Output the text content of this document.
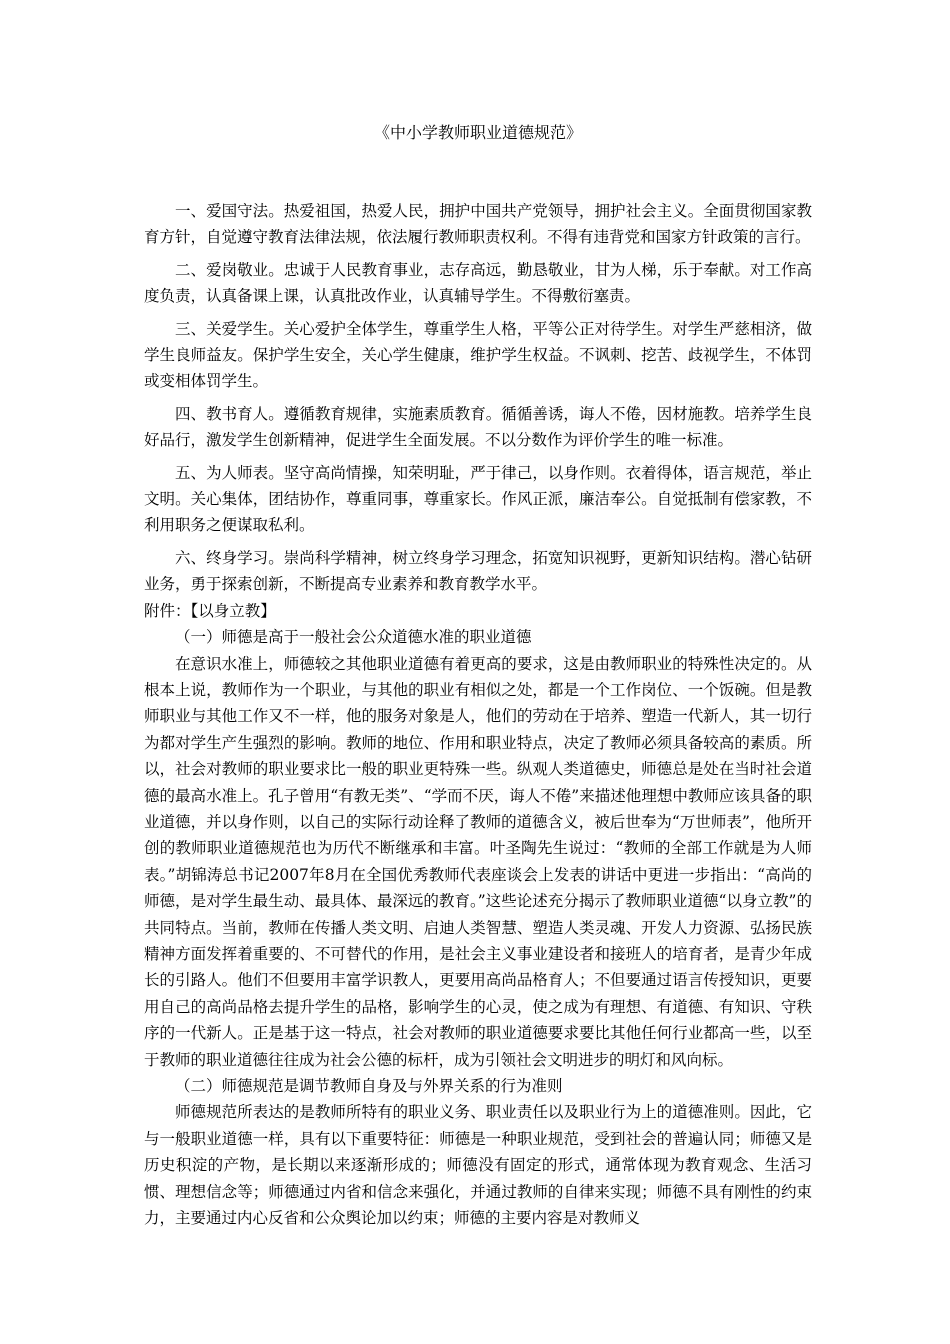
《中小学教师职业道德规范》

一、爱国守法。热爱祖国，热爱人民，拥护中国共产党领导，拥护社会主义。全面贯彻国家教育方针，自觉遵守教育法律法规，依法履行教师职责权利。不得有违背党和国家方针政策的言行。

二、爱岗敬业。忠诚于人民教育事业，志存高远，勤恳敬业，甘为人梯，乐于奉献。对工作高度负责，认真备课上课，认真批改作业，认真辅导学生。不得敷衍塞责。

三、关爱学生。关心爱护全体学生，尊重学生人格，平等公正对待学生。对学生严慈相济，做学生良师益友。保护学生安全，关心学生健康，维护学生权益。不讽刺、挖苦、歧视学生，不体罚或变相体罚学生。

四、教书育人。遵循教育规律，实施素质教育。循循善诱，诲人不倦，因材施教。培养学生良好品行，激发学生创新精神，促进学生全面发展。不以分数作为评价学生的唯一标准。

五、为人师表。坚守高尚情操，知荣明耻，严于律己，以身作则。衣着得体，语言规范，举止文明。关心集体，团结协作，尊重同事，尊重家长。作风正派，廉洁奉公。自觉抵制有偿家教，不利用职务之便谋取私利。

六、终身学习。崇尚科学精神，树立终身学习理念，拓宽知识视野，更新知识结构。潜心钻研业务，勇于探索创新，不断提高专业素养和教育教学水平。

附件：【以身立教】

（一）师德是高于一般社会公众道德水准的职业道德

在意识水准上，师德较之其他职业道德有着更高的要求，这是由教师职业的特殊性决定的。从根本上说，教师作为一个职业，与其他的职业有相似之处，都是一个工作岗位、一个饭碗。但是教师职业与其他工作又不一样，他的服务对象是人，他们的劳动在于培养、塑造一代新人，其一切行为都对学生产生强烈的影响。教师的地位、作用和职业特点，决定了教师必须具备较高的素质。所以，社会对教师的职业要求比一般的职业更特殊一些。纵观人类道德史，师德总是处在当时社会道德的最高水准上。孔子曾用“有教无类”、“学而不厌，诲人不倦”来描述他理想中教师应该具备的职业道德，并以身作则，以自己的实际行动诠释了教师的道德含义，被后世奉为“万世师表”，他所开创的教师职业道德规范也为历代不断继承和丰富。叶圣陶先生说过：“教师的全部工作就是为人师表。”胡锦涛总书记2007年8月在全国优秀教师代表座谈会上发表的讲话中更进一步指出：“高尚的师德，是对学生最生动、最具体、最深远的教育。”这些论述充分揭示了教师职业道德“以身立教”的共同特点。当前，教师在传播人类文明、启迪人类智慧、塑造人类灵魂、开发人力资源、弘扬民族精神方面发挥着重要的、不可替代的作用，是社会主义事业建设者和接班人的培育者，是青少年成长的引路人。他们不但要用丰富学识教人，更要用高尚品格育人；不但要通过语言传授知识，更要用自己的高尚品格去提升学生的品格，影响学生的心灵，使之成为有理想、有道德、有知识、守秩序的一代新人。正是基于这一特点，社会对教师的职业道德要求要比其他任何行业都高一些，以至于教师的职业道德往往成为社会公德的标杆，成为引领社会文明进步的明灯和风向标。

（二）师德规范是调节教师自身及与外界关系的行为准则

师德规范所表达的是教师所特有的职业义务、职业责任以及职业行为上的道德准则。因此，它与一般职业道德一样，具有以下重要特征：师德是一种职业规范，受到社会的普遍认同；师德又是历史积淀的产物，是长期以来逐渐形成的；师德没有固定的形式，通常体现为教育观念、生活习惯、理想信念等；师德通过内省和信念来强化，并通过教师的自律来实现；师德不具有刚性的约束力，主要通过内心反省和公众舆论加以约束；师德的主要内容是对教师义
